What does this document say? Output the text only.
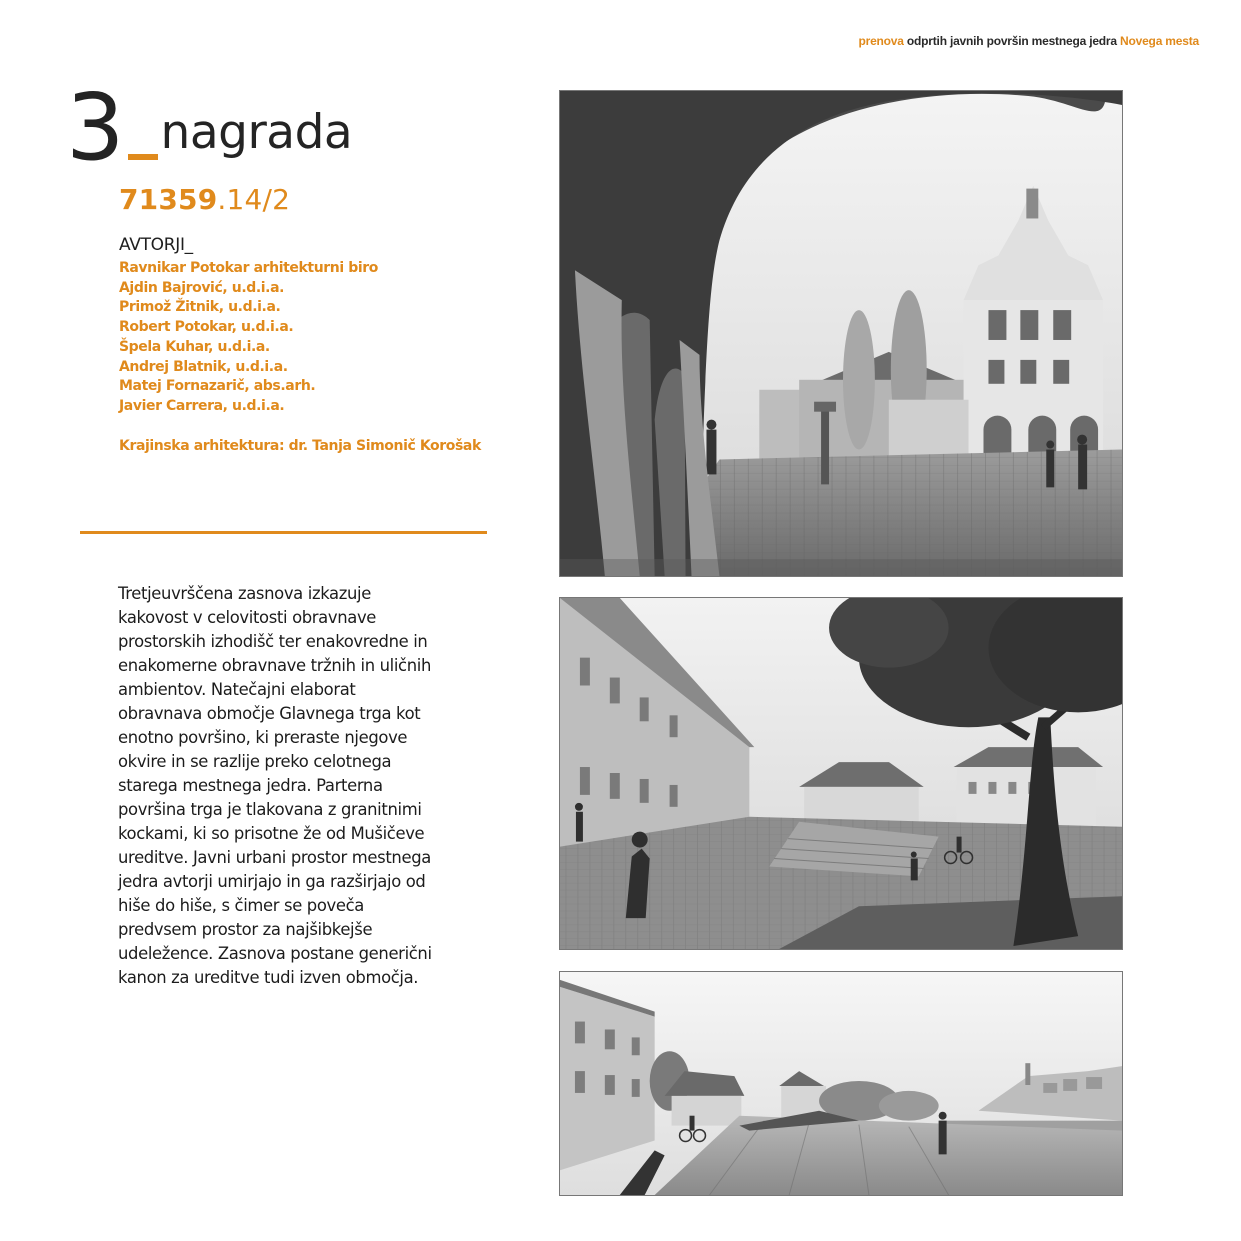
prenova odprtih javnih površin mestnega jedra Novega mesta
3 nagrada
71359.14/2
AVTORJI_
Ravnikar Potokar arhitekturni biro
Ajdin Bajrović, u.d.i.a.
Primož Žitnik, u.d.i.a.
Robert Potokar, u.d.i.a.
Špela Kuhar, u.d.i.a.
Andrej Blatnik, u.d.i.a.
Matej Fornazarič, abs.arh.
Javier Carrera, u.d.i.a.
Krajinska arhitektura: dr. Tanja Simonič Korošak
Tretjeuvrščena zasnova izkazuje
kakovost v celovitosti obravnave
prostorskih izhodišč ter enakovredne in
enakomerne obravnave tržnih in uličnih
ambientov. Natečajni elaborat
obravnava območje Glavnega trga kot
enotno površino, ki preraste njegove
okvire in se razlije preko celotnega
starega mestnega jedra. Parterna
površina trga je tlakovana z granitnimi
kockami, ki so prisotne že od Mušičeve
ureditve. Javni urbani prostor mestnega
jedra avtorji umirjajo in ga razširjajo od
hiše do hiše, s čimer se poveča
predvsem prostor za najšibkejše
udeležence. Zasnova postane generični
kanon za ureditve tudi izven območja.
